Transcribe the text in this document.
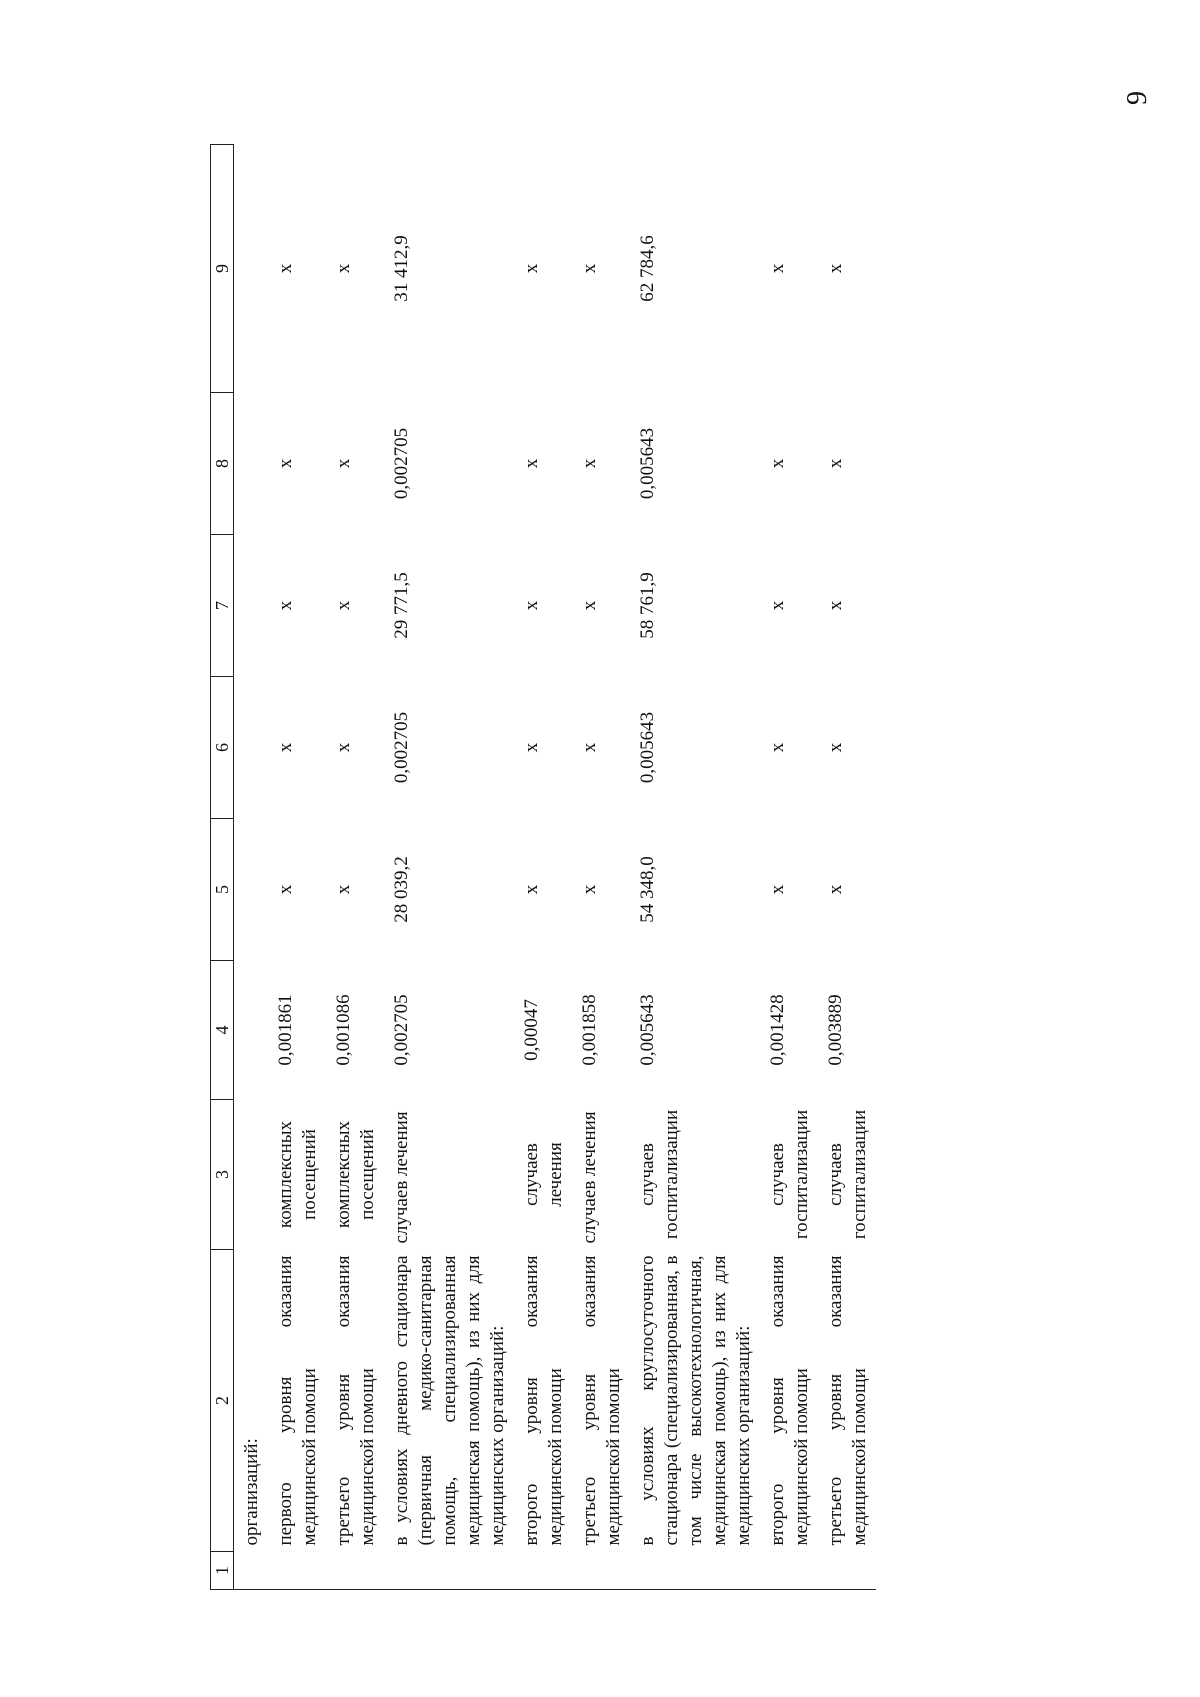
9
1	2	3	4	5	6	7	8	9
	организаций:							
	первого уровня оказания медицинской помощи	комплексных посещений	0,001861	x	x	x	x	x
	третьего уровня оказания медицинской помощи	комплексных посещений	0,001086	x	x	x	x	x
	в условиях дневного стационара (первичная медико-санитарная помощь, специализированная медицинская помощь), из них для медицинских организаций:	случаев лечения	0,002705	28 039,2	0,002705	29 771,5	0,002705	31 412,9
	второго уровня оказания медицинской помощи	случаев лечения	0,00047	x	x	x	x	x
	третьего уровня оказания медицинской помощи	случаев лечения	0,001858	x	x	x	x	x
	в условиях круглосуточного стационара (специализированная, в том числе высокотехнологичная, медицинская помощь), из них для медицинских организаций:	случаев госпитализации	0,005643	54 348,0	0,005643	58 761,9	0,005643	62 784,6
	второго уровня оказания медицинской помощи	случаев госпитализации	0,001428	x	x	x	x	x
	третьего уровня оказания медицинской помощи	случаев госпитализации	0,003889	x	x	x	x	x
